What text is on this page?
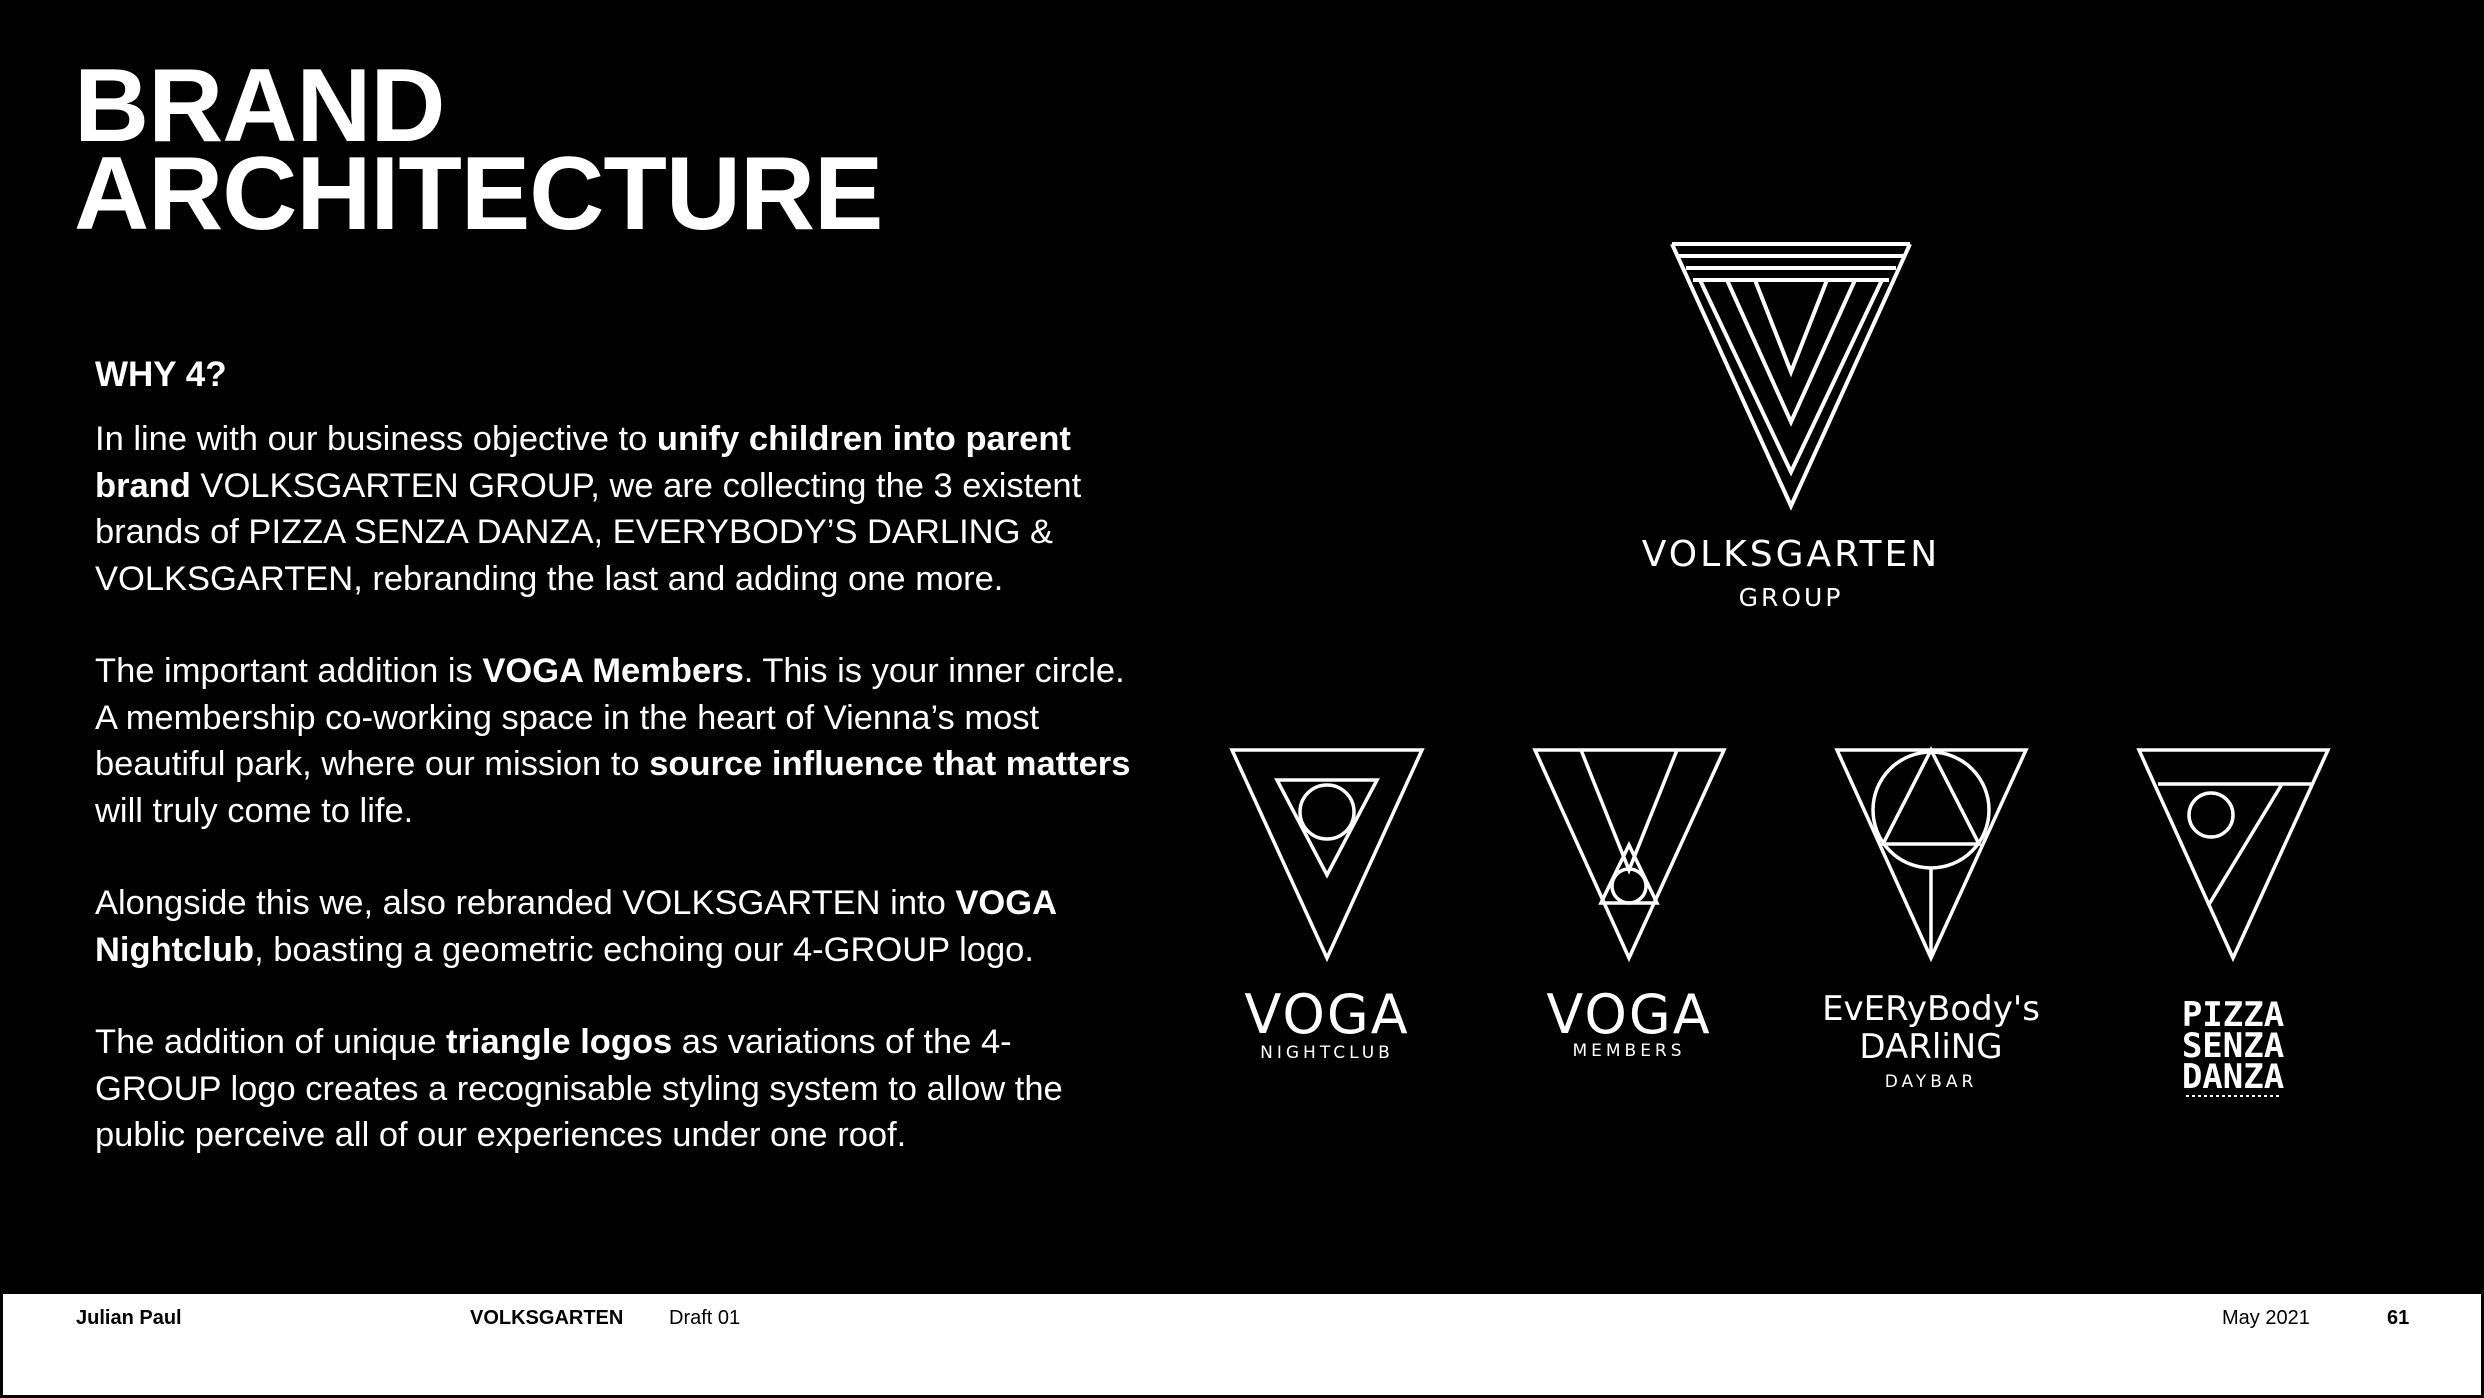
BRAND
ARCHITECTURE
WHY 4?

In line with our business objective to unify children into parent brand VOLKSGARTEN GROUP, we are collecting the 3 existent brands of PIZZA SENZA DANZA, EVERYBODY’S DARLING & VOLKSGARTEN, rebranding the last and adding one more.

The important addition is VOGA Members. This is your inner circle. A membership co-working space in the heart of Vienna’s most beautiful park, where our mission to source influence that matters will truly come to life.

Alongside this we, also rebranded VOLKSGARTEN into VOGA Nightclub, boasting a geometric echoing our 4-GROUP logo.

The addition of unique triangle logos as variations of the 4-GROUP logo creates a recognisable styling system to allow the public perceive all of our experiences under one roof.

VOLKSGARTEN
GROUP
VOGA
NIGHTCLUB
VOGA
MEMBERS
EvERyBody's
DARliNG
DAYBAR
PIZZA
SENZA
DANZA
Julian Paul	VOLKSGARTEN Draft 01	May 2021	61
